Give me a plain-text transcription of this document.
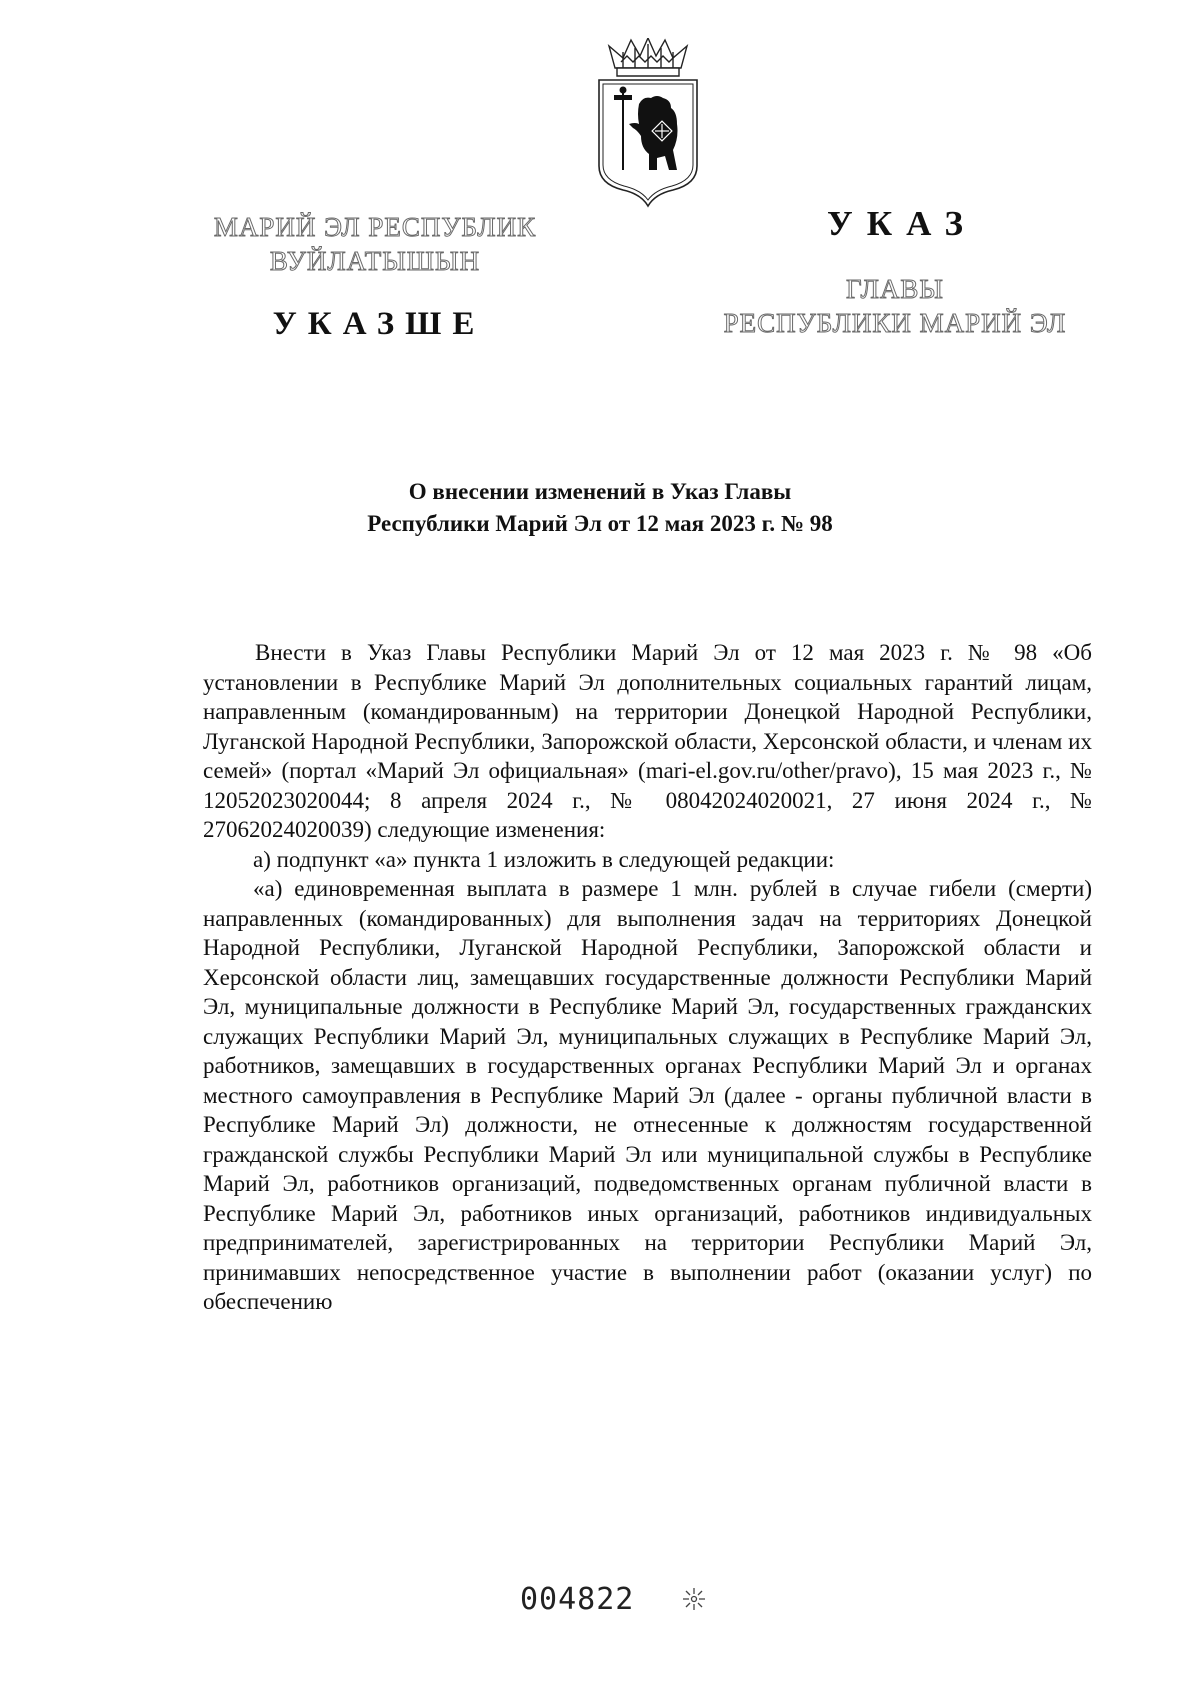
МАРИЙ ЭЛ РЕСПУБЛИК
ВУЙЛАТЫШЫН
УКАЗШЕ
УКАЗ
ГЛАВЫ
РЕСПУБЛИКИ МАРИЙ ЭЛ
О внесении изменений в Указ Главы
Республики Марий Эл от 12 мая 2023 г. № 98

Внести в Указ Главы Республики Марий Эл от 12 мая 2023 г. № 98 «Об установлении в Республике Марий Эл дополнительных социальных гарантий лицам, направленным (командированным) на территории Донецкой Народной Республики, Луганской Народной Республики, Запорожской области, Херсонской области, и членам их семей» (портал «Марий Эл официальная» (mari-el.gov.ru/other/pravo), 15 мая 2023 г., № 12052023020044; 8 апреля 2024 г., № 08042024020021, 27 июня 2024 г., № 27062024020039) следующие изменения:

а) подпункт «а» пункта 1 изложить в следующей редакции:

«а) единовременная выплата в размере 1 млн. рублей в случае гибели (смерти) направленных (командированных) для выполнения задач на территориях Донецкой Народной Республики, Луганской Народной Республики, Запорожской области и Херсонской области лиц, замещавших государственные должности Республики Марий Эл, муниципальные должности в Республике Марий Эл, государственных гражданских служащих Республики Марий Эл, муниципальных служащих в Республике Марий Эл, работников, замещавших в государственных органах Республики Марий Эл и органах местного самоуправления в Республике Марий Эл (далее - органы публичной власти в Республике Марий Эл) должности, не отнесенные к должностям государственной гражданской службы Республики Марий Эл или муниципальной службы в Республике Марий Эл, работников организаций, подведомственных органам публичной власти в Республике Марий Эл, работников иных организаций, работников индивидуальных предпринимателей, зарегистрированных на территории Республики Марий Эл, принимавших непосредственное участие в выполнении работ (оказании услуг) по обеспечению

004822
